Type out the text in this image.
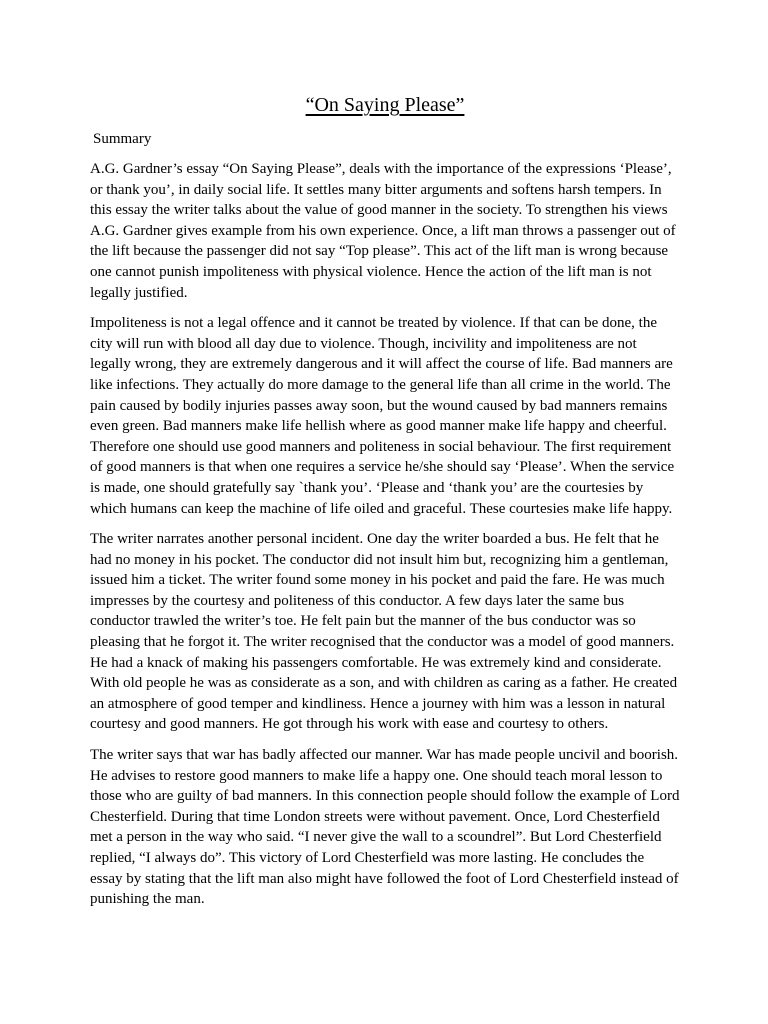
“On Saying Please”
Summary

A.G. Gardner’s essay “On Saying Please”, deals with the importance of the expressions ‘Please’, or thank you’, in daily social life. It settles many bitter arguments and softens harsh tempers. In this essay the writer talks about the value of good manner in the society. To strengthen his views A.G. Gardner gives example from his own experience. Once, a lift man throws a passenger out of the lift because the passenger did not say “Top please”. This act of the lift man is wrong because one cannot punish impoliteness with physical violence. Hence the action of the lift man is not legally justified.

Impoliteness is not a legal offence and it cannot be treated by violence. If that can be done, the city will run with blood all day due to violence. Though, incivility and impoliteness are not legally wrong, they are extremely dangerous and it will affect the course of life. Bad manners are like infections. They actually do more damage to the general life than all crime in the world. The pain caused by bodily injuries passes away soon, but the wound caused by bad manners remains even green. Bad manners make life hellish where as good manner make life happy and cheerful. Therefore one should use good manners and politeness in social behaviour. The first requirement of good manners is that when one requires a service he/she should say ‘Please’. When the service is made, one should gratefully say `thank you’. ‘Please and ‘thank you’ are the courtesies by which humans can keep the machine of life oiled and graceful. These courtesies make life happy.

The writer narrates another personal incident. One day the writer boarded a bus. He felt that he had no money in his pocket. The conductor did not insult him but, recognizing him a gentleman, issued him a ticket. The writer found some money in his pocket and paid the fare. He was much impresses by the courtesy and politeness of this conductor. A few days later the same bus conductor trawled the writer’s toe. He felt pain but the manner of the bus conductor was so pleasing that he forgot it. The writer recognised that the conductor was a model of good manners. He had a knack of making his passengers comfortable. He was extremely kind and considerate. With old people he was as considerate as a son, and with children as caring as a father. He created an atmosphere of good temper and kindliness. Hence a journey with him was a lesson in natural courtesy and good manners. He got through his work with ease and courtesy to others.

The writer says that war has badly affected our manner. War has made people uncivil and boorish. He advises to restore good manners to make life a happy one. One should teach moral lesson to those who are guilty of bad manners. In this connection people should follow the example of Lord Chesterfield. During that time London streets were without pavement. Once, Lord Chesterfield met a person in the way who said. “I never give the wall to a scoundrel”. But Lord Chesterfield replied, “I always do”. This victory of Lord Chesterfield was more lasting. He concludes the essay by stating that the lift man also might have followed the foot of Lord Chesterfield instead of punishing the man.
